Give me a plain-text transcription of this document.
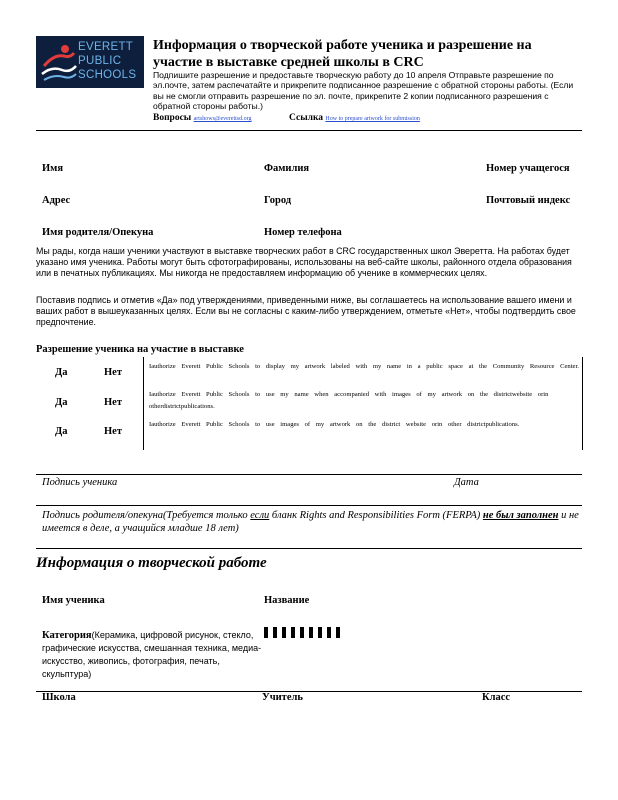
EVERETT
PUBLIC
SCHOOLS
Информация о творческой работе ученика и разрешение на участие в выставке средней школы в CRC
Подпишите разрешение и предоставьте творческую работу до 10 апреля Отправьте разрешение по эл.почте, затем распечатайте и прикрепите подписанное разрешение с обратной стороны работы. (Если вы не смогли отправить разрешение по эл. почте, прикрепите 2 копии подписанного разрешения с обратной стороны работы.)
Вопросы artshows@everettsd.org	Ссылка How to prepare artwork for submission
Имя	Фамилия	Номер учащегося
Адрес	Город	Почтовый индекс
Имя родителя/Опекуна	Номер телефона
Мы рады, когда наши ученики участвуют в выставке творческих работ в CRC государственных школ Эверетта. На работах будет указано имя ученика. Работы могут быть сфотографированы, использованы на веб-сайте школы, районного отдела образования или в печатных публикациях. Мы никогда не предоставляем информацию об ученике в коммерческих целях.
Поставив подпись и отметив «Да» под утверждениями, приведенными ниже, вы соглашаетесь на использование вашего имени и ваших работ в вышеуказанных целях. Если вы не согласны с каким-либо утверждением, отметьте «Нет», чтобы подтвердить свое предпочтение.
Разрешение ученика на участие в выставке
Да	Нет
Iauthorize Everett Public Schools to display my artwork labeled with my name in a public space at the Community Resource Center.
Да	Нет
Iauthorize Everett Public Schools to use my name when accompanied with images of my artwork on the districtwebsite orin otherdistrictpublications.
Да	Нет
Iauthorize Everett Public Schools to use images of my artwork on the district website orin other districtpublications.
Подпись ученика	Дата
Подпись родителя/опекуна(Требуется только если бланк Rights and Responsibilities Form (FERPA) не был заполнен и не имеется в деле, а учащийся младше 18 лет)
Информация о творческой работе
Имя ученика	Название
Категория(Керамика, цифровой рисунок, стекло, графические искусства, смешанная техника, медиа-искусство, живопись, фотография, печать, скульптура)
Школа	Учитель	Класс
